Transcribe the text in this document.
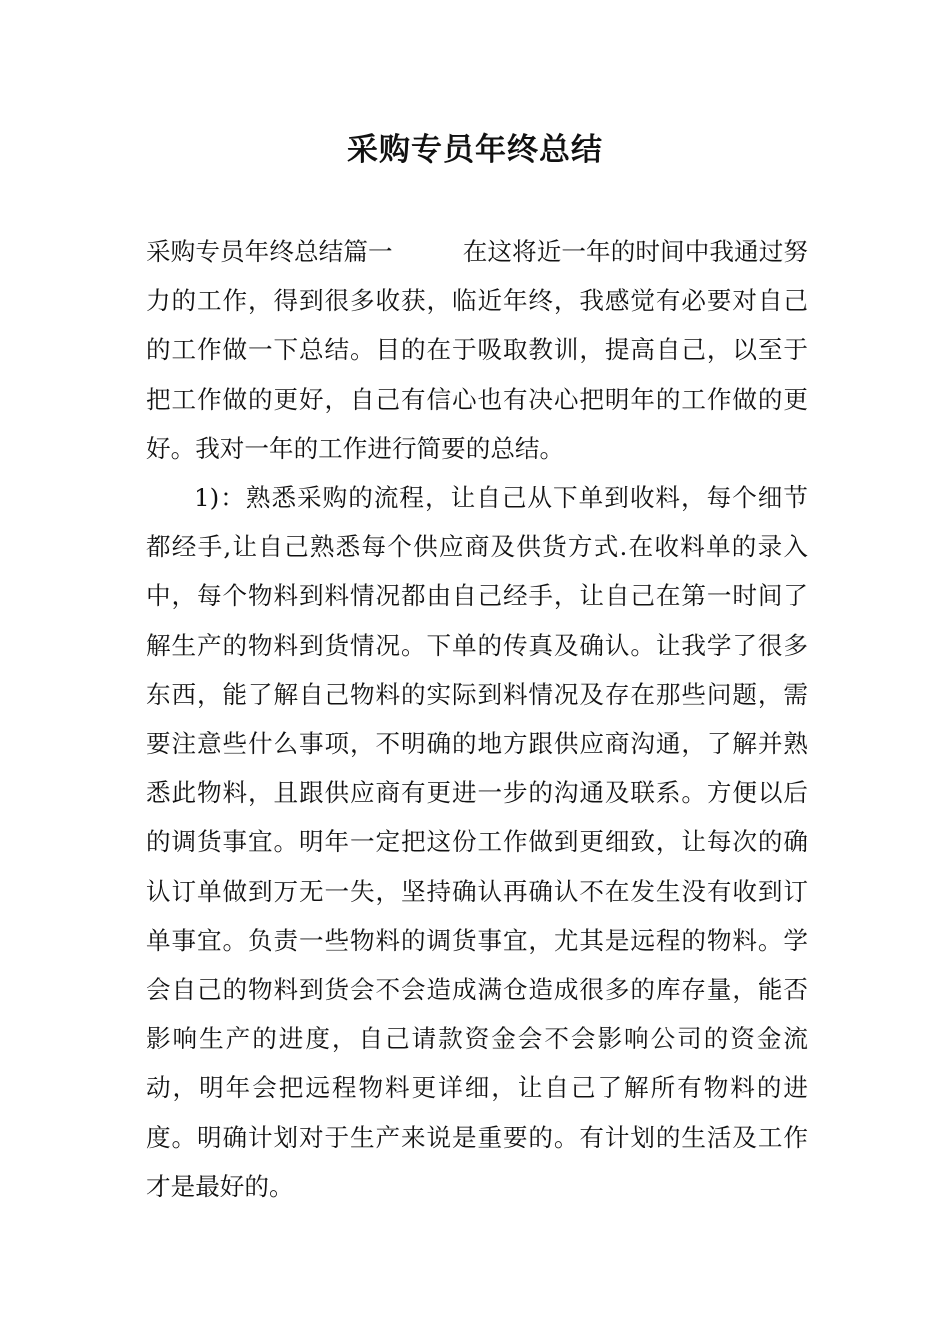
采购专员年终总结

采购专员年终总结篇一	在这将近一年的时间中我通过努力的工作，得到很多收获，临近年终，我感觉有必要对自己的工作做一下总结。目的在于吸取教训，提高自己，以至于把工作做的更好，自己有信心也有决心把明年的工作做的更好。我对一年的工作进行简要的总结。

1)：熟悉采购的流程，让自己从下单到收料，每个细节都经手,让自己熟悉每个供应商及供货方式.在收料单的录入中，每个物料到料情况都由自己经手，让自己在第一时间了解生产的物料到货情况。下单的传真及确认。让我学了很多东西，能了解自己物料的实际到料情况及存在那些问题，需要注意些什么事项，不明确的地方跟供应商沟通，了解并熟悉此物料，且跟供应商有更进一步的沟通及联系。方便以后的调货事宜。明年一定把这份工作做到更细致，让每次的确认订单做到万无一失，坚持确认再确认不在发生没有收到订单事宜。负责一些物料的调货事宜，尤其是远程的物料。学会自己的物料到货会不会造成满仓造成很多的库存量，能否影响生产的进度，自己请款资金会不会影响公司的资金流动，明年会把远程物料更详细，让自己了解所有物料的进度。明确计划对于生产来说是重要的。有计划的生活及工作才是最好的。
